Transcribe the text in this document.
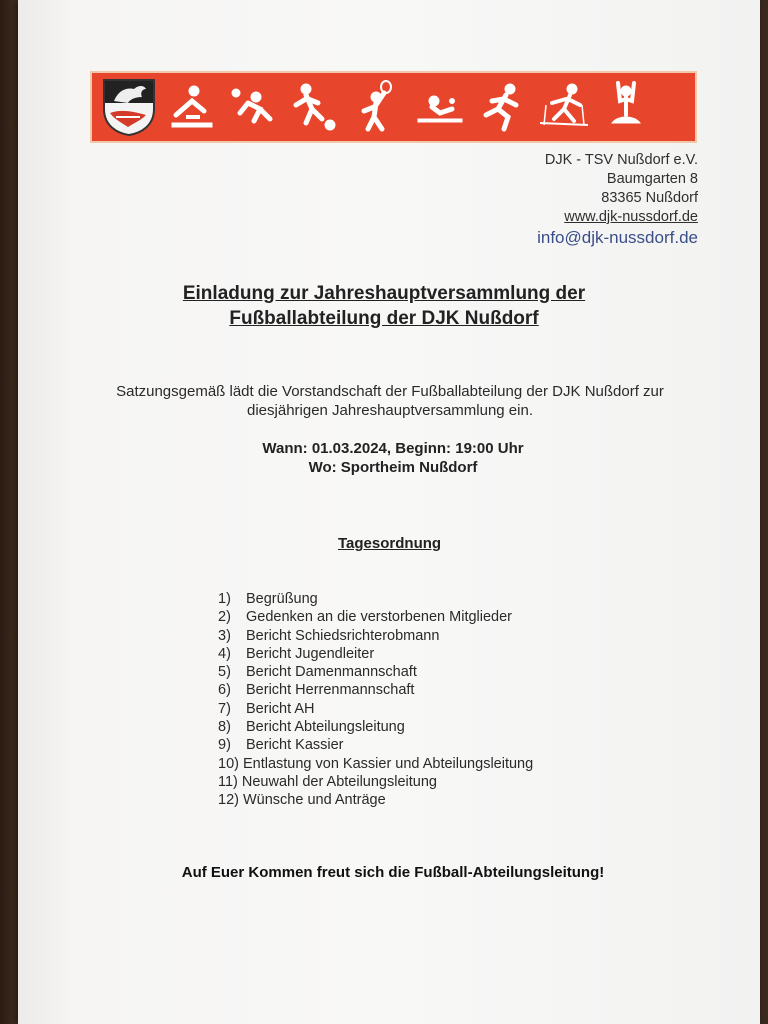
DJK - TSV Nußdorf e.V.
Baumgarten 8
83365 Nußdorf
www.djk-nussdorf.de
info@djk-nussdorf.de
Einladung zur Jahreshauptversammlung der
Fußballabteilung der DJK Nußdorf
Satzungsgemäß lädt die Vorstandschaft der Fußballabteilung der DJK Nußdorf zur
diesjährigen Jahreshauptversammlung ein.
Wann: 01.03.2024, Beginn: 19:00 Uhr
Wo: Sportheim Nußdorf
Tagesordnung
1) Begrüßung
2) Gedenken an die verstorbenen Mitglieder
3) Bericht Schiedsrichterobmann
4) Bericht Jugendleiter
5) Bericht Damenmannschaft
6) Bericht Herrenmannschaft
7) Bericht AH
8) Bericht Abteilungsleitung
9) Bericht Kassier
10) Entlastung von Kassier und Abteilungsleitung
11) Neuwahl der Abteilungsleitung
12) Wünsche und Anträge
Auf Euer Kommen freut sich die Fußball-Abteilungsleitung!
